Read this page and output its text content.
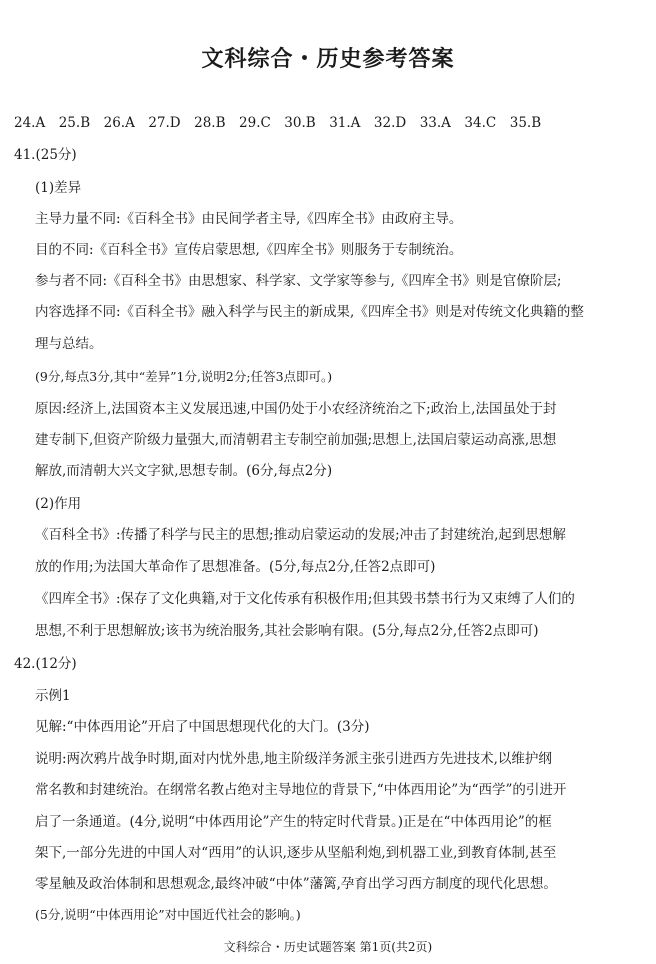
文科综合・历史参考答案
24.A　25.B　26.A　27.D　28.B　29.C　30.B　31.A　32.D　33.A　34.C　35.B
41.(25分)
(1)差异
主导力量不同:《百科全书》由民间学者主导,《四库全书》由政府主导。
目的不同:《百科全书》宣传启蒙思想,《四库全书》则服务于专制统治。
参与者不同:《百科全书》由思想家、科学家、文学家等参与,《四库全书》则是官僚阶层;
内容选择不同:《百科全书》融入科学与民主的新成果,《四库全书》则是对传统文化典籍的整
理与总结。
(9分,每点3分,其中“差异”1分,说明2分;任答3点即可。)
原因:经济上,法国资本主义发展迅速,中国仍处于小农经济统治之下;政治上,法国虽处于封
建专制下,但资产阶级力量强大,而清朝君主专制空前加强;思想上,法国启蒙运动高涨,思想
解放,而清朝大兴文字狱,思想专制。(6分,每点2分)
(2)作用
《百科全书》:传播了科学与民主的思想;推动启蒙运动的发展;冲击了封建统治,起到思想解
放的作用;为法国大革命作了思想准备。(5分,每点2分,任答2点即可)
《四库全书》:保存了文化典籍,对于文化传承有积极作用;但其毁书禁书行为又束缚了人们的
思想,不利于思想解放;该书为统治服务,其社会影响有限。(5分,每点2分,任答2点即可)
42.(12分)
示例1
见解:“中体西用论”开启了中国思想现代化的大门。(3分)
说明:两次鸦片战争时期,面对内忧外患,地主阶级洋务派主张引进西方先进技术,以维护纲
常名教和封建统治。在纲常名教占绝对主导地位的背景下,“中体西用论”为“西学”的引进开
启了一条通道。(4分,说明“中体西用论”产生的特定时代背景。)正是在“中体西用论”的框
架下,一部分先进的中国人对“西用”的认识,逐步从坚船利炮,到机器工业,到教育体制,甚至
零星触及政治体制和思想观念,最终冲破“中体”藩篱,孕育出学习西方制度的现代化思想。
(5分,说明“中体西用论”对中国近代社会的影响。)
文科综合・历史试题答案 第1页(共2页)
